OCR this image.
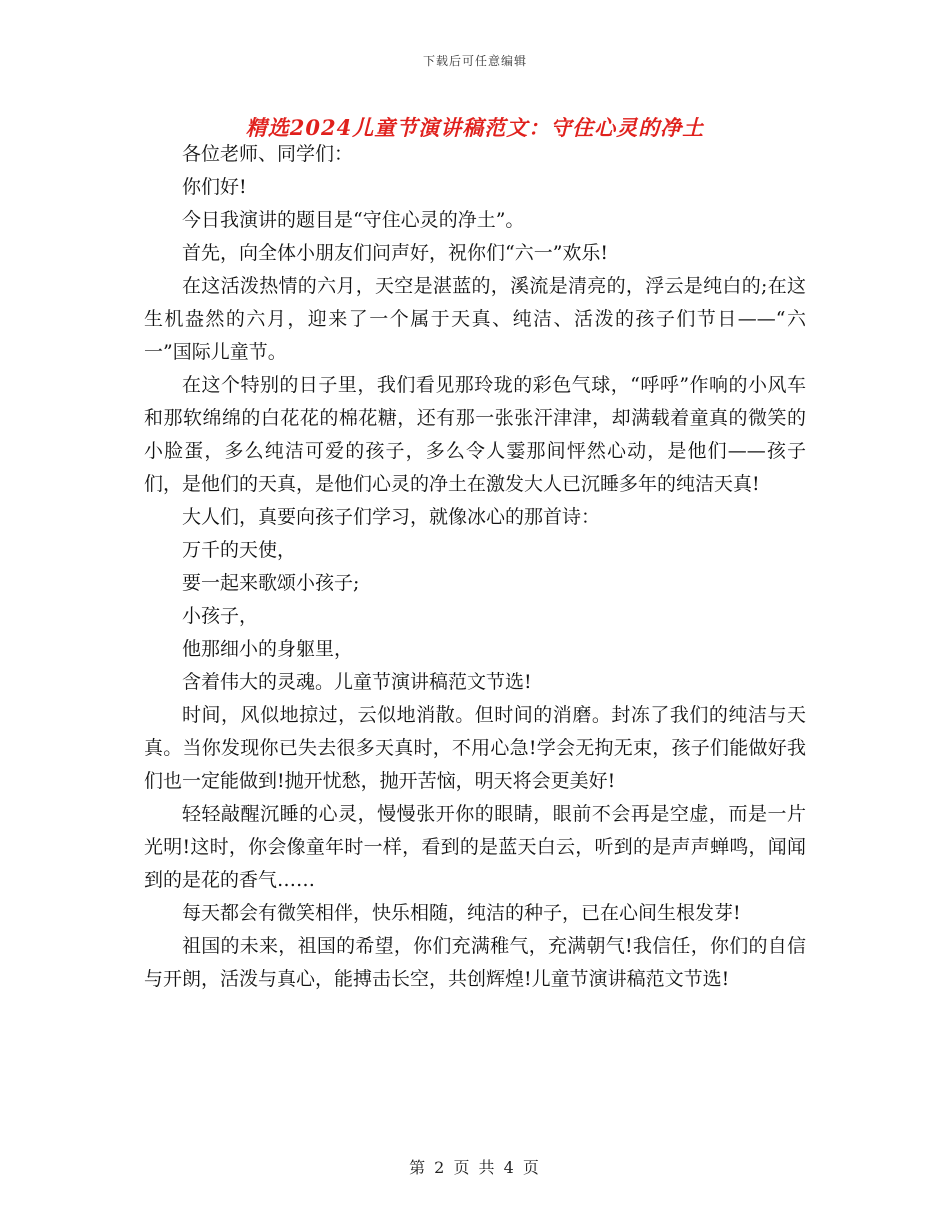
下载后可任意编辑
精选2024儿童节演讲稿范文：守住心灵的净土

各位老师、同学们：

你们好!

今日我演讲的题目是“守住心灵的净土”。

首先，向全体小朋友们问声好，祝你们“六一”欢乐!

在这活泼热情的六月，天空是湛蓝的，溪流是清亮的，浮云是纯白的;在这生机盎然的六月，迎来了一个属于天真、纯洁、活泼的孩子们节日——“六一”国际儿童节。

在这个特别的日子里，我们看见那玲珑的彩色气球，“呼呼”作响的小风车和那软绵绵的白花花的棉花糖，还有那一张张汗津津，却满载着童真的微笑的小脸蛋，多么纯洁可爱的孩子，多么令人霎那间怦然心动，是他们——孩子们，是他们的天真，是他们心灵的净土在激发大人已沉睡多年的纯洁天真!

大人们，真要向孩子们学习，就像冰心的那首诗：

万千的天使，

要一起来歌颂小孩子;

小孩子，

他那细小的身躯里，

含着伟大的灵魂。儿童节演讲稿范文节选!

时间，风似地掠过，云似地消散。但时间的消磨。封冻了我们的纯洁与天真。当你发现你已失去很多天真时，不用心急!学会无拘无束，孩子们能做好我们也一定能做到!抛开忧愁，抛开苦恼，明天将会更美好!

轻轻敲醒沉睡的心灵，慢慢张开你的眼睛，眼前不会再是空虚，而是一片光明!这时，你会像童年时一样，看到的是蓝天白云，听到的是声声蝉鸣，闻闻到的是花的香气……

每天都会有微笑相伴，快乐相随，纯洁的种子，已在心间生根发芽!

祖国的未来，祖国的希望，你们充满稚气，充满朝气!我信任，你们的自信与开朗，活泼与真心，能搏击长空，共创辉煌!儿童节演讲稿范文节选!

第 2 页 共 4 页
